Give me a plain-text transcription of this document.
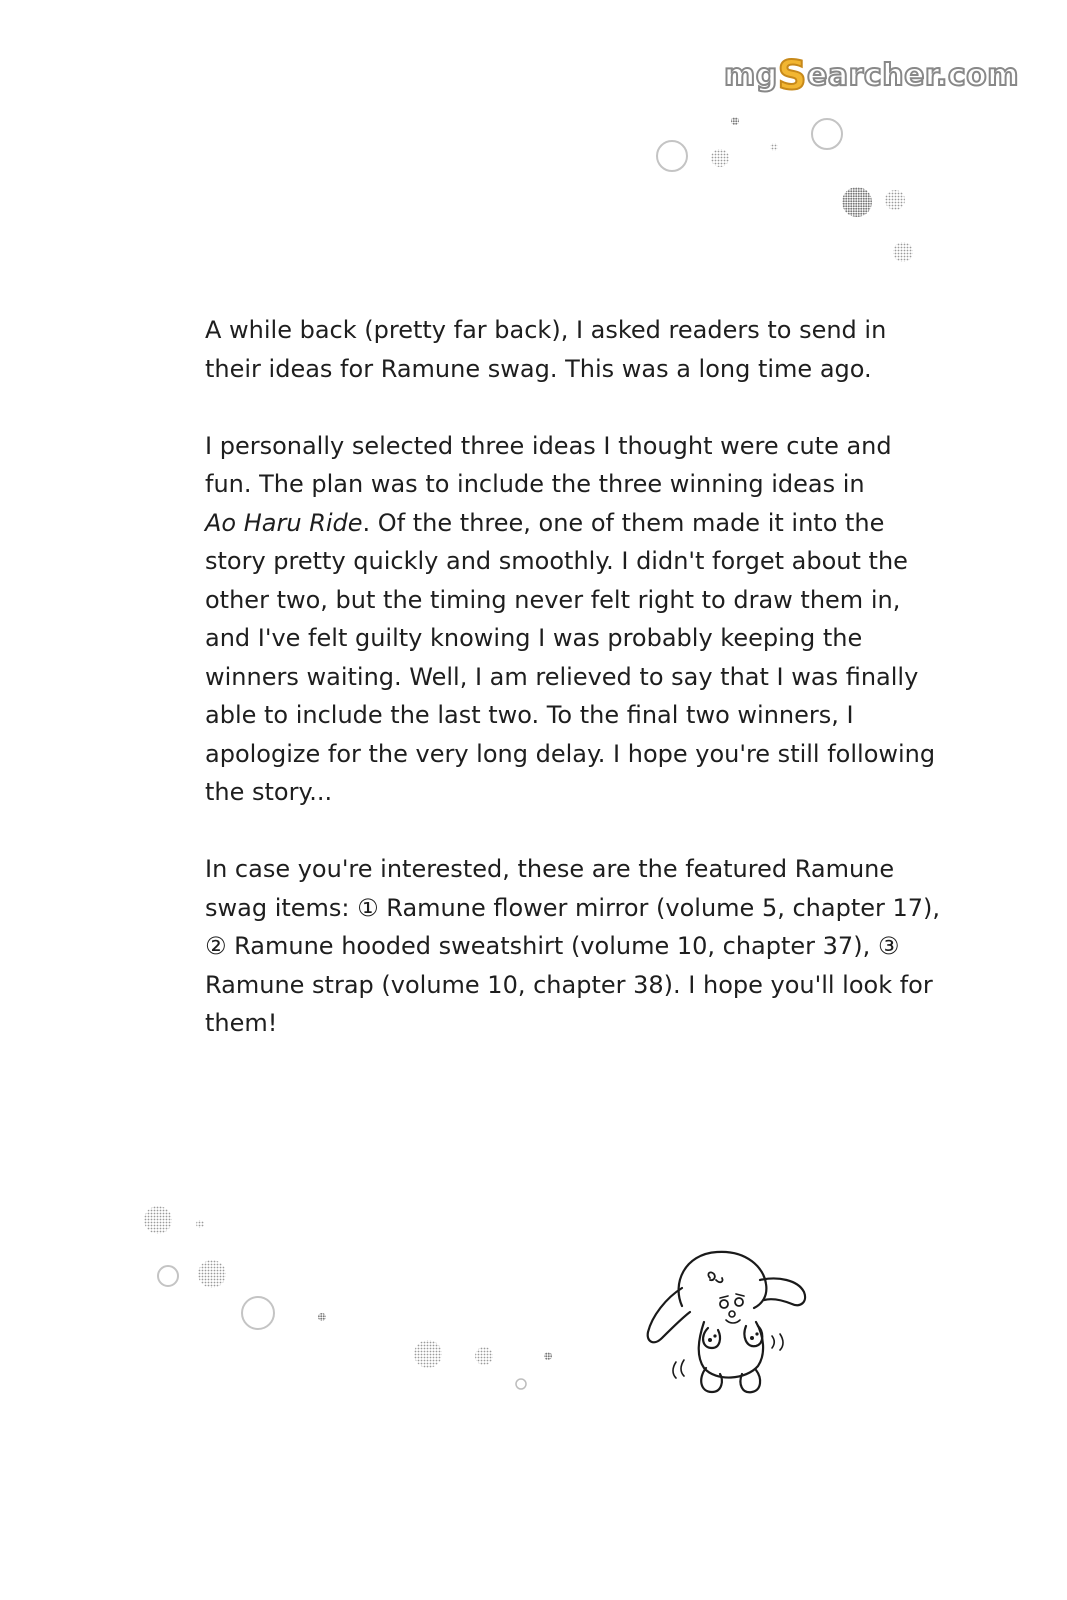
mgSearcher.com

A while back (pretty far back), I asked readers to send in
their ideas for Ramune swag. This was a long time ago.

I personally selected three ideas I thought were cute and
fun. The plan was to include the three winning ideas in
Ao Haru Ride. Of the three, one of them made it into the
story pretty quickly and smoothly. I didn't forget about the
other two, but the timing never felt right to draw them in,
and I've felt guilty knowing I was probably keeping the
winners waiting. Well, I am relieved to say that I was finally
able to include the last two. To the final two winners, I
apologize for the very long delay. I hope you're still following
the story...

In case you're interested, these are the featured Ramune
swag items: ① Ramune flower mirror (volume 5, chapter 17),
② Ramune hooded sweatshirt (volume 10, chapter 37), ③
Ramune strap (volume 10, chapter 38). I hope you'll look for
them!
